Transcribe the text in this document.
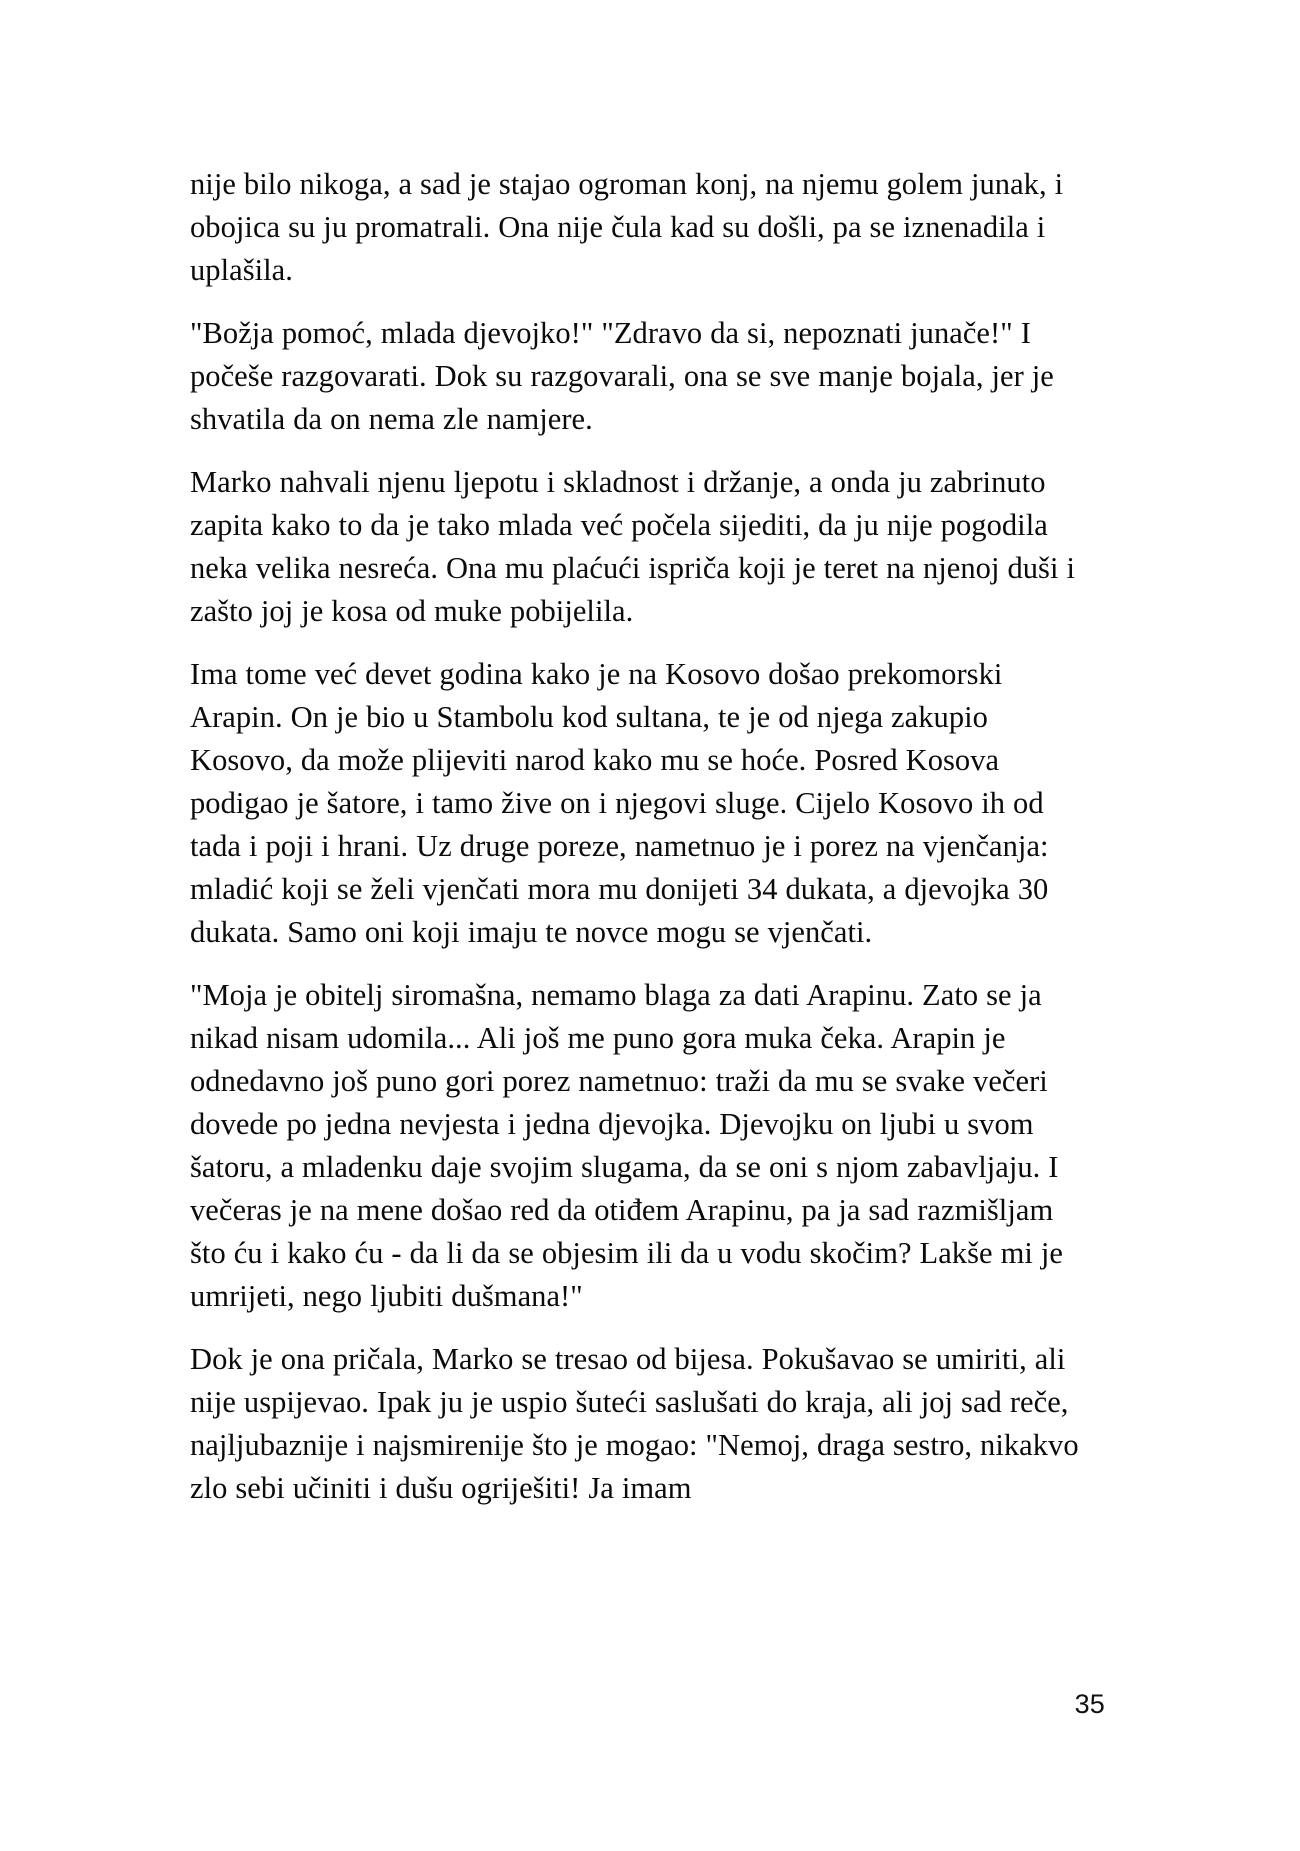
nije bilo nikoga, a sad je stajao ogroman konj, na njemu golem junak, i obojica su ju promatrali. Ona nije čula kad su došli, pa se iznenadila i uplašila.

"Božja pomoć, mlada djevojko!" "Zdravo da si, nepoznati junače!" I počeše razgovarati. Dok su razgovarali, ona se sve manje bojala, jer je shvatila da on nema zle namjere.

Marko nahvali njenu ljepotu i skladnost i držanje, a onda ju zabrinuto zapita kako to da je tako mlada već počela sijediti, da ju nije pogodila neka velika nesreća. Ona mu plaćući ispriča koji je teret na njenoj duši i zašto joj je kosa od muke pobijelila.

Ima tome već devet godina kako je na Kosovo došao prekomorski Arapin. On je bio u Stambolu kod sultana, te je od njega zakupio Kosovo, da može plijeviti narod kako mu se hoće. Posred Kosova podigao je šatore, i tamo žive on i njegovi sluge. Cijelo Kosovo ih od tada i poji i hrani. Uz druge poreze, nametnuo je i porez na vjenčanja: mladić koji se želi vjenčati mora mu donijeti 34 dukata, a djevojka 30 dukata. Samo oni koji imaju te novce mogu se vjenčati.

"Moja je obitelj siromašna, nemamo blaga za dati Arapinu. Zato se ja nikad nisam udomila... Ali još me puno gora muka čeka. Arapin je odnedavno još puno gori porez nametnuo: traži da mu se svake večeri dovede po jedna nevjesta i jedna djevojka. Djevojku on ljubi u svom šatoru, a mladenku daje svojim slugama, da se oni s njom zabavljaju. I večeras je na mene došao red da otiđem Arapinu, pa ja sad razmišljam što ću i kako ću - da li da se objesim ili da u vodu skočim? Lakše mi je umrijeti, nego ljubiti dušmana!"

Dok je ona pričala, Marko se tresao od bijesa. Pokušavao se umiriti, ali nije uspijevao. Ipak ju je uspio šuteći saslušati do kraja, ali joj sad reče, najljubaznije i najsmirenije što je mogao: "Nemoj, draga sestro, nikakvo zlo sebi učiniti i dušu ogriješiti! Ja imam

35
